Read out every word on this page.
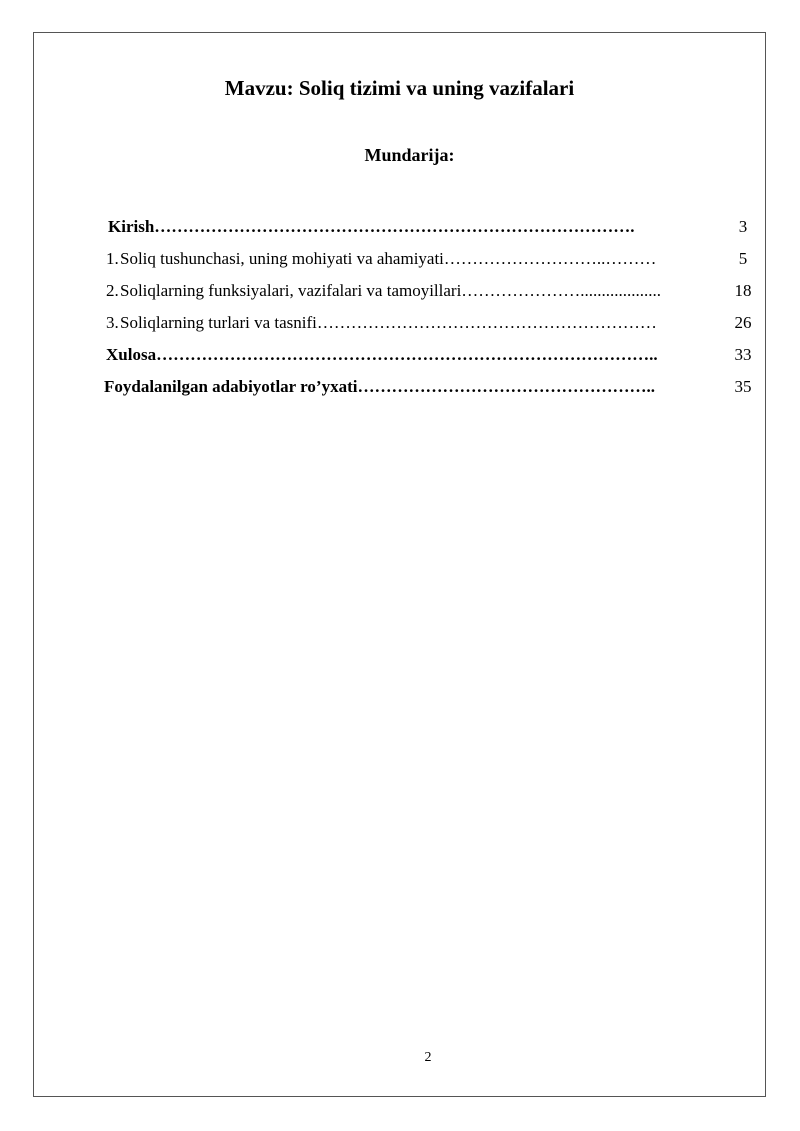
Mavzu: Soliq tizimi va uning vazifalari
Mundarija:
Kirish………………………………………………………………………….	3
1.Soliq tushunchasi, uning mohiyati va ahamiyati………………………..………	5
2.Soliqlarning funksiyalari, vazifalari va tamoyillari…………………...................	18
3.Soliqlarning turlari va tasnifi……………………………………………………	26
Xulosa……………………………………………………………………………..	33
Foydalanilgan adabiyotlar ro’yxati……………………………………………..	35
2
